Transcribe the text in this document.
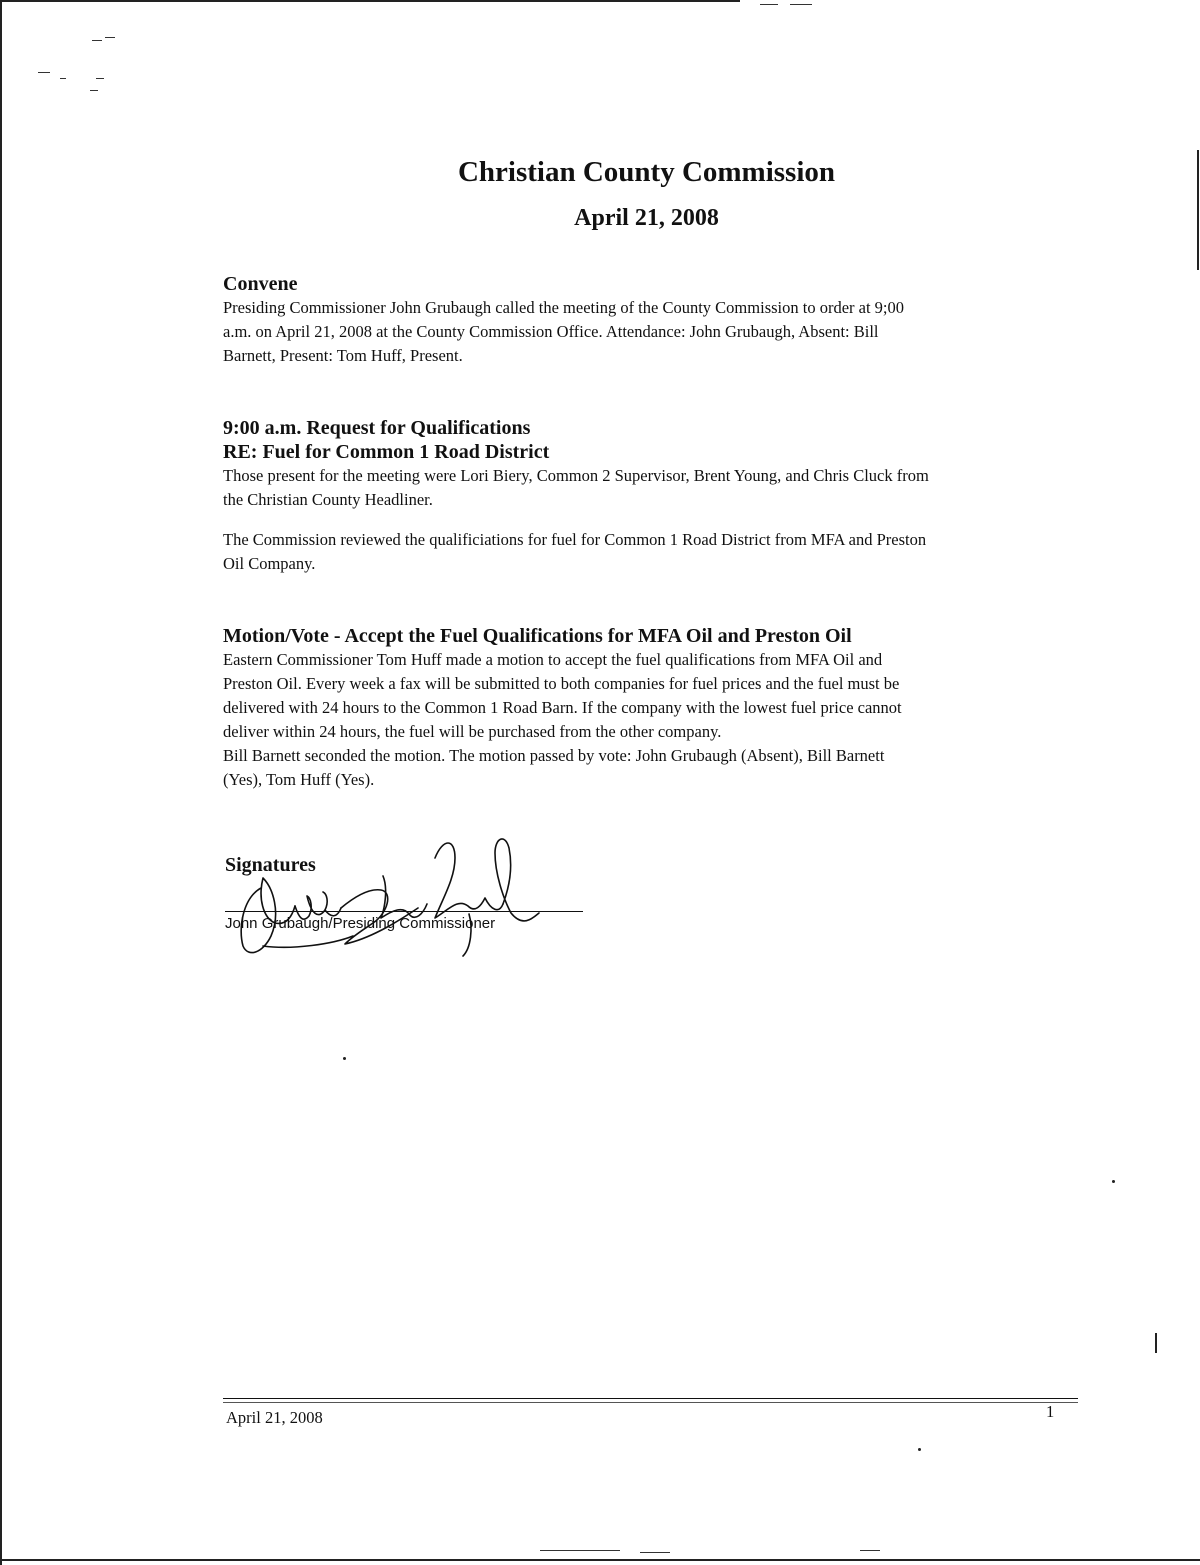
Christian County Commission
April 21, 2008
Convene
Presiding Commissioner John Grubaugh called the meeting of the County Commission to order at 9;00
a.m. on April 21, 2008 at the County Commission Office. Attendance: John Grubaugh, Absent: Bill
Barnett, Present: Tom Huff, Present.
9:00 a.m. Request for Qualifications
RE: Fuel for Common 1 Road District
Those present for the meeting were Lori Biery, Common 2 Supervisor, Brent Young, and Chris Cluck from
the Christian County Headliner.
The Commission reviewed the qualificiations for fuel for Common 1 Road District from MFA and Preston
Oil Company.
Motion/Vote - Accept the Fuel Qualifications for MFA Oil and Preston Oil
Eastern Commissioner Tom Huff made a motion to accept the fuel qualifications from MFA Oil and
Preston Oil. Every week a fax will be submitted to both companies for fuel prices and the fuel must be
delivered with 24 hours to the Common 1 Road Barn. If the company with the lowest fuel price cannot
deliver within 24 hours, the fuel will be purchased from the other company.
Bill Barnett seconded the motion. The motion passed by vote: John Grubaugh (Absent), Bill Barnett
(Yes), Tom Huff (Yes).
Signatures
John Grubaugh/Presiding Commissioner
April 21, 2008	1
